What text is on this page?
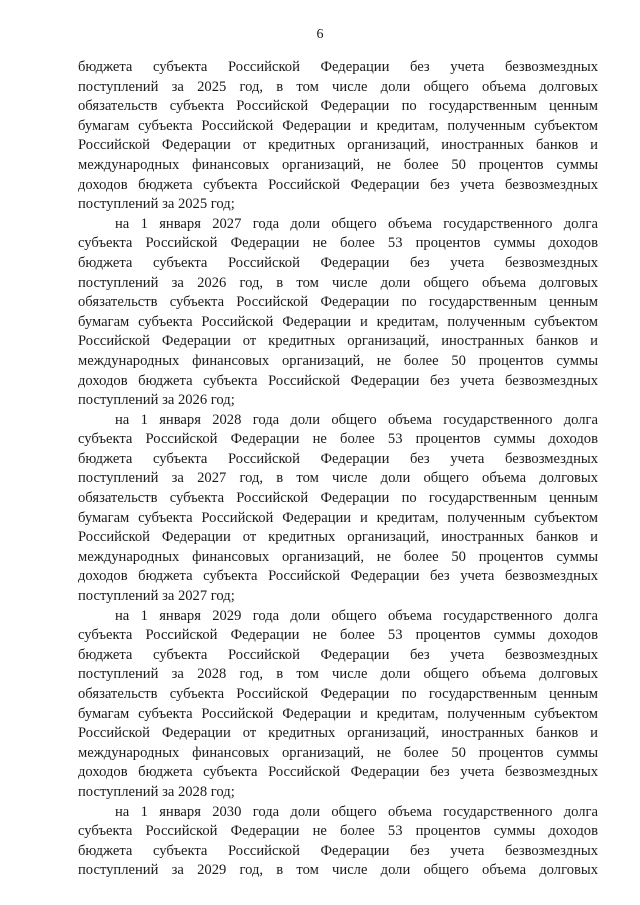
6
бюджета субъекта Российской Федерации без учета безвозмездных
поступлений за 2025 год, в том числе доли общего объема долговых
обязательств субъекта Российской Федерации по государственным ценным
бумагам субъекта Российской Федерации и кредитам, полученным субъектом
Российской Федерации от кредитных организаций, иностранных банков и
международных финансовых организаций, не более 50 процентов суммы
доходов бюджета субъекта Российской Федерации без учета безвозмездных
поступлений за 2025 год;
на 1 января 2027 года доли общего объема государственного долга
субъекта Российской Федерации не более 53 процентов суммы доходов
бюджета субъекта Российской Федерации без учета безвозмездных
поступлений за 2026 год, в том числе доли общего объема долговых
обязательств субъекта Российской Федерации по государственным ценным
бумагам субъекта Российской Федерации и кредитам, полученным субъектом
Российской Федерации от кредитных организаций, иностранных банков и
международных финансовых организаций, не более 50 процентов суммы
доходов бюджета субъекта Российской Федерации без учета безвозмездных
поступлений за 2026 год;
на 1 января 2028 года доли общего объема государственного долга
субъекта Российской Федерации не более 53 процентов суммы доходов
бюджета субъекта Российской Федерации без учета безвозмездных
поступлений за 2027 год, в том числе доли общего объема долговых
обязательств субъекта Российской Федерации по государственным ценным
бумагам субъекта Российской Федерации и кредитам, полученным субъектом
Российской Федерации от кредитных организаций, иностранных банков и
международных финансовых организаций, не более 50 процентов суммы
доходов бюджета субъекта Российской Федерации без учета безвозмездных
поступлений за 2027 год;
на 1 января 2029 года доли общего объема государственного долга
субъекта Российской Федерации не более 53 процентов суммы доходов
бюджета субъекта Российской Федерации без учета безвозмездных
поступлений за 2028 год, в том числе доли общего объема долговых
обязательств субъекта Российской Федерации по государственным ценным
бумагам субъекта Российской Федерации и кредитам, полученным субъектом
Российской Федерации от кредитных организаций, иностранных банков и
международных финансовых организаций, не более 50 процентов суммы
доходов бюджета субъекта Российской Федерации без учета безвозмездных
поступлений за 2028 год;
на 1 января 2030 года доли общего объема государственного долга
субъекта Российской Федерации не более 53 процентов суммы доходов
бюджета субъекта Российской Федерации без учета безвозмездных
поступлений за 2029 год, в том числе доли общего объема долговых
